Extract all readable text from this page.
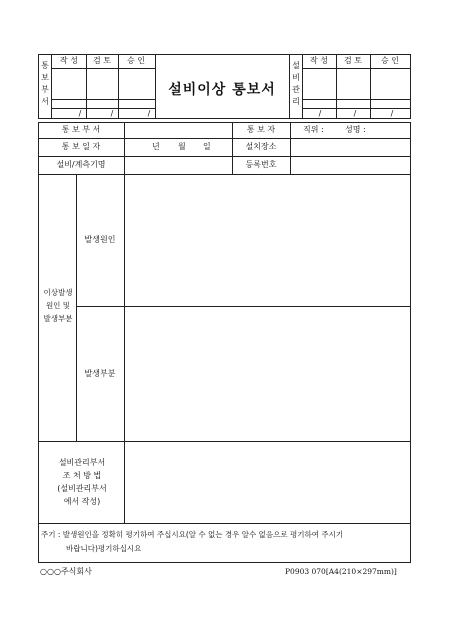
통보부서
작 성 검 토 승 인
/	/	/
설비이상 통보서
설비관리
작 성 검 토 승 인
/	/	/
통 보 부 서	통 보 자	직위 :	성명 :
통 보 일 자	년 월 일	설치장소
설비/계측기명	등록번호
이상발생
원인 및
발생부분
발생원인
발생부분
설비관리부서
조 처 방 법
(설비관리부서
에서 작성)
주기 : 발생원인을 정확히 평기하여 주십시요(알 수 없는 경우 알수 없음으로 평기하여 주시기
바랍니다)평기하십시요
○○○주식회사	P0903 070[A4(210×297mm)]
